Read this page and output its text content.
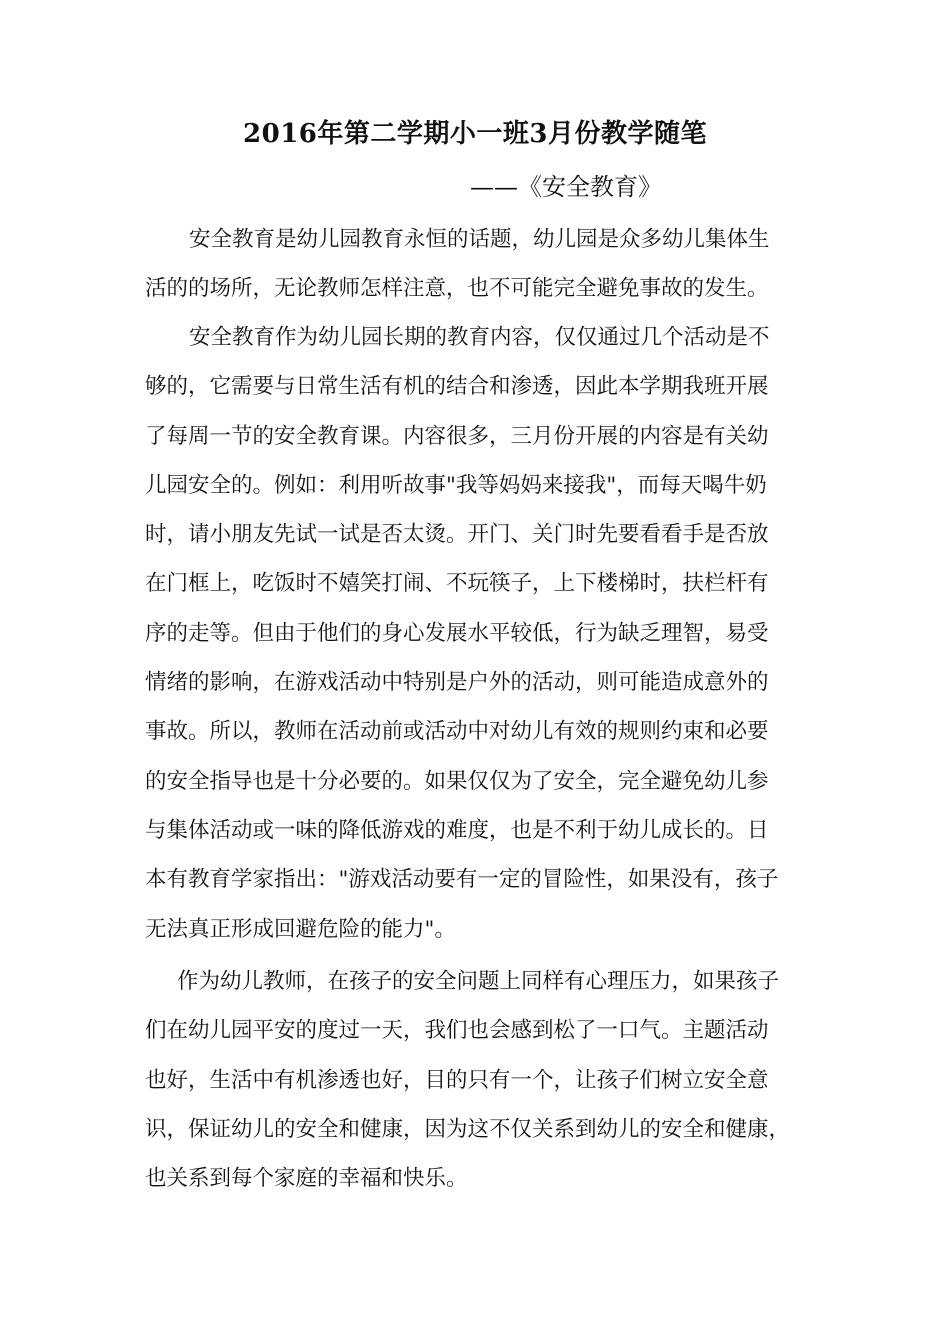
2016年第二学期小一班3月份教学随笔
——《安全教育》
安全教育是幼儿园教育永恒的话题，幼儿园是众多幼儿集体生
活的的场所，无论教师怎样注意，也不可能完全避免事故的发生。
安全教育作为幼儿园长期的教育内容，仅仅通过几个活动是不
够的，它需要与日常生活有机的结合和渗透，因此本学期我班开展
了每周一节的安全教育课。内容很多，三月份开展的内容是有关幼
儿园安全的。例如：利用听故事"我等妈妈来接我"，而每天喝牛奶
时，请小朋友先试一试是否太烫。开门、关门时先要看看手是否放
在门框上，吃饭时不嬉笑打闹、不玩筷子，上下楼梯时，扶栏杆有
序的走等。但由于他们的身心发展水平较低，行为缺乏理智，易受
情绪的影响，在游戏活动中特别是户外的活动，则可能造成意外的
事故。所以，教师在活动前或活动中对幼儿有效的规则约束和必要
的安全指导也是十分必要的。如果仅仅为了安全，完全避免幼儿参
与集体活动或一味的降低游戏的难度，也是不利于幼儿成长的。日
本有教育学家指出："游戏活动要有一定的冒险性，如果没有，孩子
无法真正形成回避危险的能力"。
作为幼儿教师，在孩子的安全问题上同样有心理压力，如果孩子
们在幼儿园平安的度过一天，我们也会感到松了一口气。主题活动
也好，生活中有机渗透也好，目的只有一个，让孩子们树立安全意
识，保证幼儿的安全和健康，因为这不仅关系到幼儿的安全和健康，
也关系到每个家庭的幸福和快乐。
